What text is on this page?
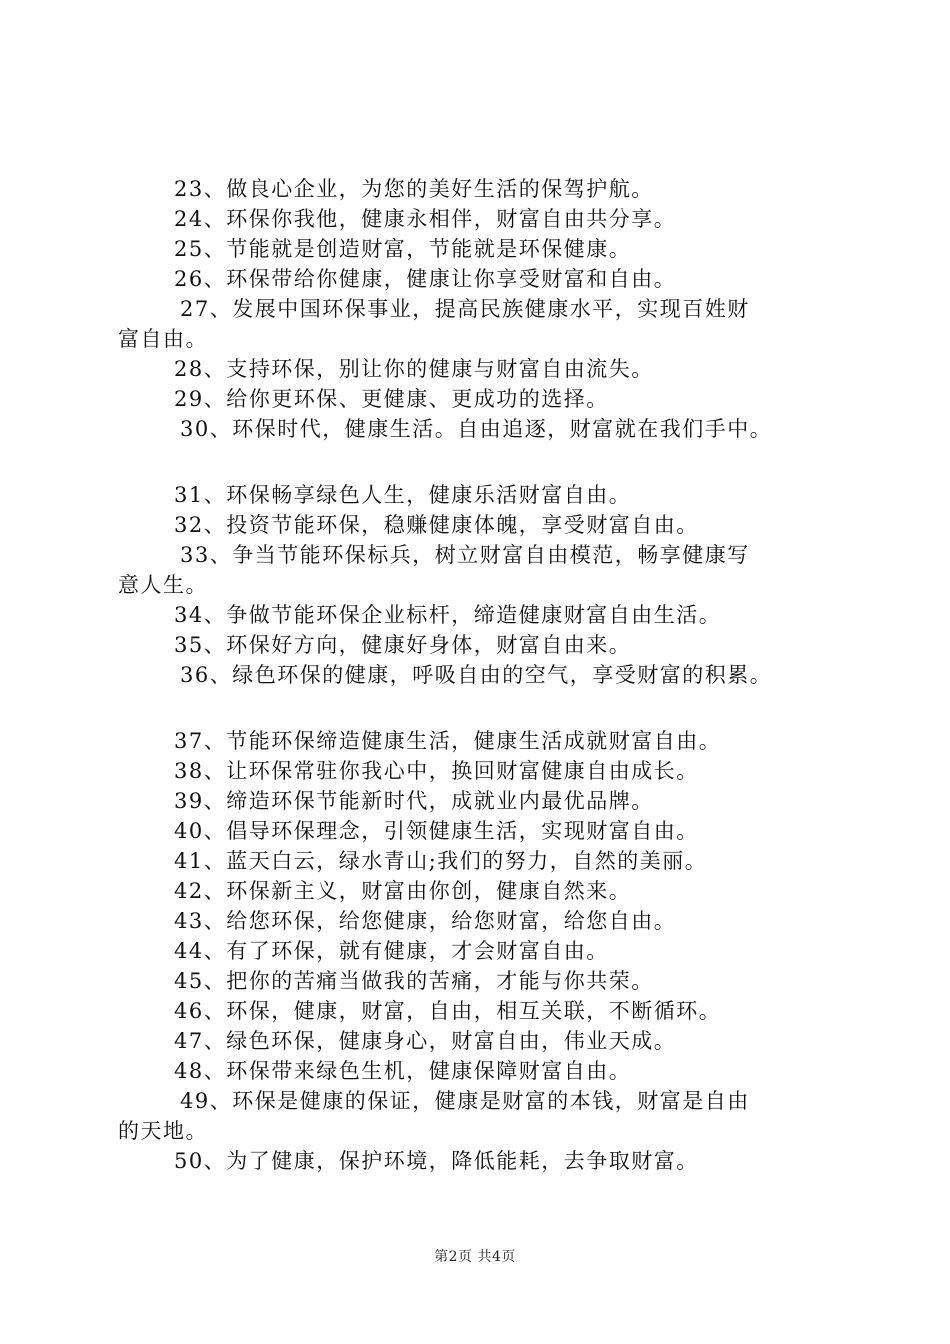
23、做良心企业，为您的美好生活的保驾护航。
24、环保你我他，健康永相伴，财富自由共分享。
25、节能就是创造财富，节能就是环保健康。
26、环保带给你健康，健康让你享受财富和自由。
27、发展中国环保事业，提高民族健康水平，实现百姓财
富自由。
28、支持环保，别让你的健康与财富自由流失。
29、给你更环保、更健康、更成功的选择。
30、环保时代，健康生活。自由追逐，财富就在我们手中。
31、环保畅享绿色人生，健康乐活财富自由。
32、投资节能环保，稳赚健康体魄，享受财富自由。
33、争当节能环保标兵，树立财富自由模范，畅享健康写
意人生。
34、争做节能环保企业标杆，缔造健康财富自由生活。
35、环保好方向，健康好身体，财富自由来。
36、绿色环保的健康，呼吸自由的空气，享受财富的积累。
37、节能环保缔造健康生活，健康生活成就财富自由。
38、让环保常驻你我心中，换回财富健康自由成长。
39、缔造环保节能新时代，成就业内最优品牌。
40、倡导环保理念，引领健康生活，实现财富自由。
41、蓝天白云，绿水青山;我们的努力，自然的美丽。
42、环保新主义，财富由你创，健康自然来。
43、给您环保，给您健康，给您财富，给您自由。
44、有了环保，就有健康，才会财富自由。
45、把你的苦痛当做我的苦痛，才能与你共荣。
46、环保，健康，财富，自由，相互关联，不断循环。
47、绿色环保，健康身心，财富自由，伟业天成。
48、环保带来绿色生机，健康保障财富自由。
49、环保是健康的保证，健康是财富的本钱，财富是自由
的天地。
50、为了健康，保护环境，降低能耗，去争取财富。
第2页 共4页
